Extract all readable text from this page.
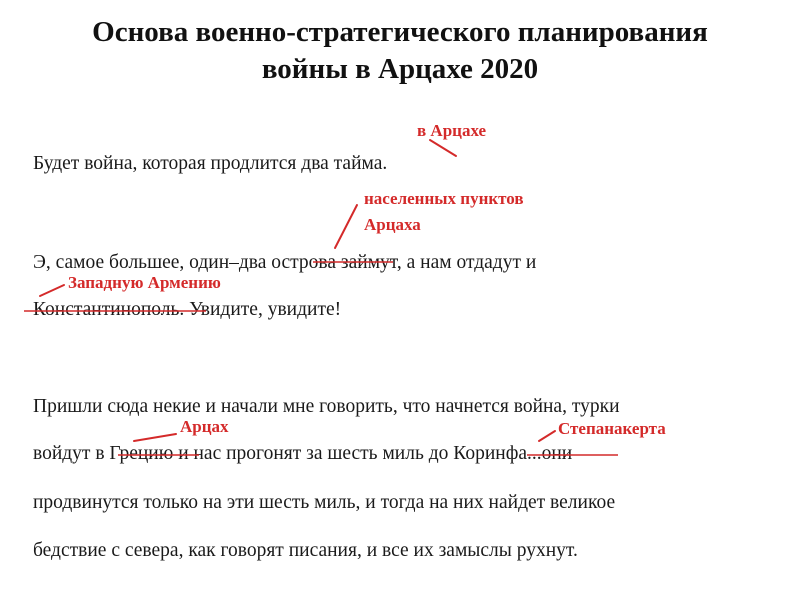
Основа военно-стратегического планирования
войны в Арцахе 2020
Будет война, которая продлится два тайма.
Э, самое большее, один–два острова займут, а нам отдадут и
Константинополь. Увидите, увидите!
Пришли сюда некие и начали мне говорить, что начнется война, турки
войдут в Грецию и нас прогонят за шесть миль до Коринфа...они
продвинутся только на эти шесть миль, и тогда на них найдет великое
бедствие с севера, как говорят писания, и все их замыслы рухнут.
в Арцахе
населенных пунктов
Арцаха
Западную Армению
Арцах	Степанакерта
